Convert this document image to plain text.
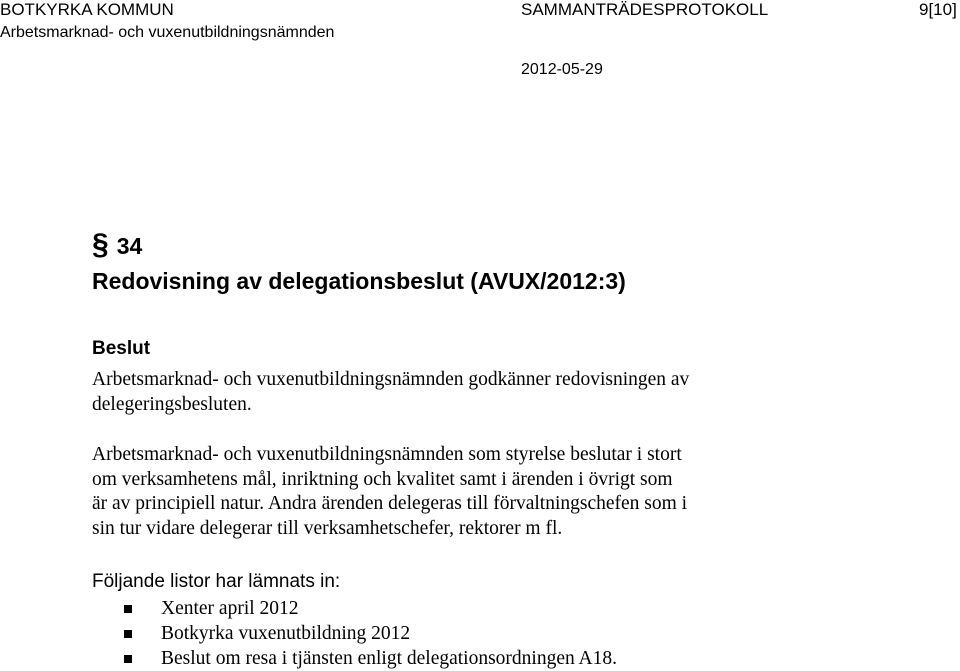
BOTKYRKA KOMMUN	SAMMANTRÄDESPROTOKOLL	9[10]
Arbetsmarknad- och vuxenutbildningsnämnden
2012-05-29
§ 34
Redovisning av delegationsbeslut (AVUX/2012:3)
Beslut
Arbetsmarknad- och vuxenutbildningsnämnden godkänner redovisningen av
delegeringsbesluten.
Arbetsmarknad- och vuxenutbildningsnämnden som styrelse beslutar i stort
om verksamhetens mål, inriktning och kvalitet samt i ärenden i övrigt som
är av principiell natur. Andra ärenden delegeras till förvaltningschefen som i
sin tur vidare delegerar till verksamhetschefer, rektorer m fl.
Följande listor har lämnats in:
Xenter april 2012
Botkyrka vuxenutbildning 2012
Beslut om resa i tjänsten enligt delegationsordningen A18.
